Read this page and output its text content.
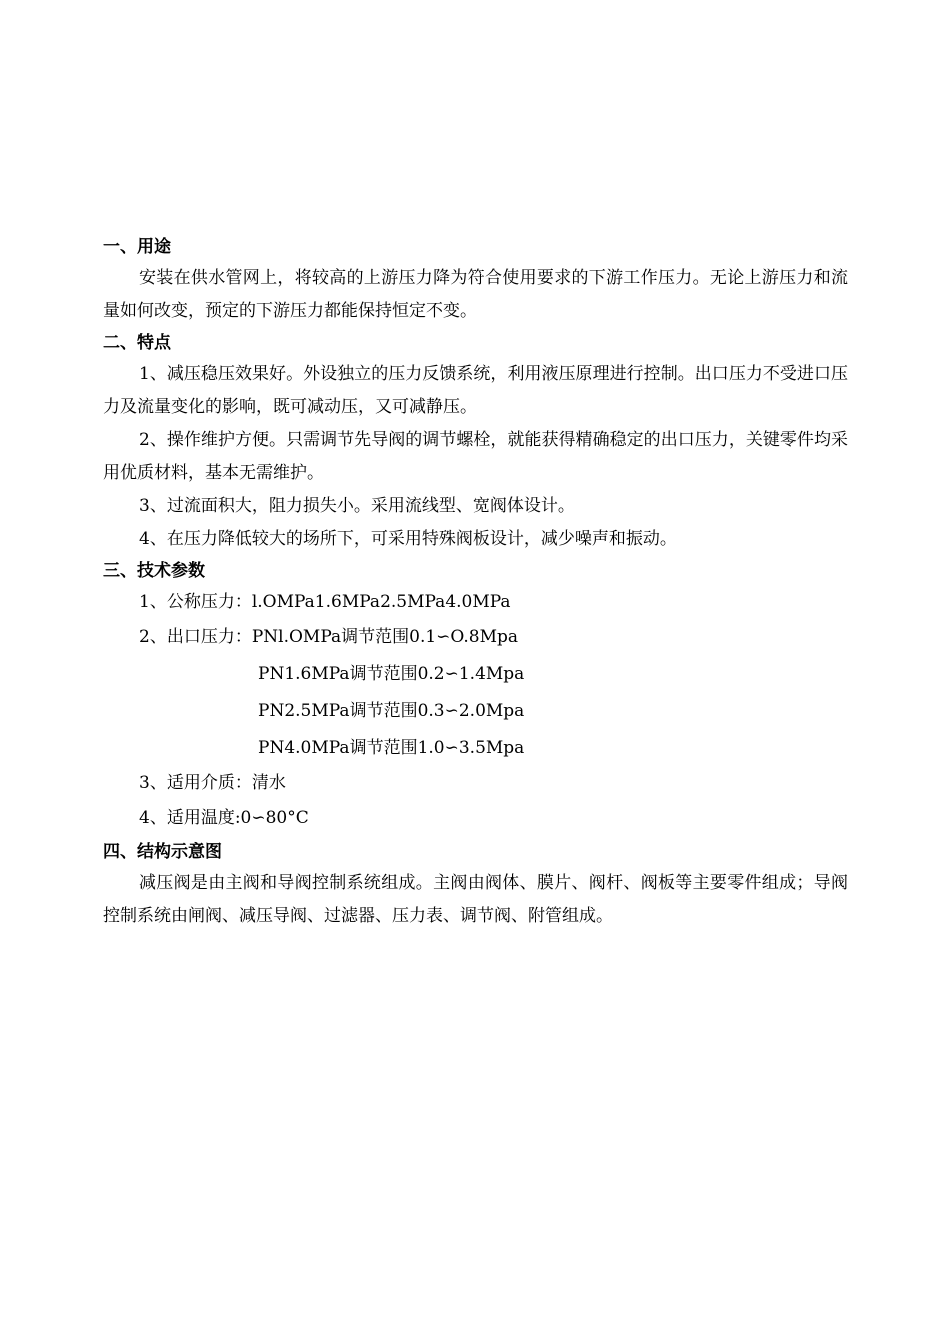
一、用途
安装在供水管网上，将较高的上游压力降为符合使用要求的下游工作压力。无论上游压力和流量如何改变，预定的下游压力都能保持恒定不变。
二、特点
1、减压稳压效果好。外设独立的压力反馈系统，利用液压原理进行控制。出口压力不受进口压力及流量变化的影响，既可减动压，又可减静压。
2、操作维护方便。只需调节先导阀的调节螺栓，就能获得精确稳定的出口压力，关键零件均采用优质材料，基本无需维护。
3、过流面积大，阻力损失小。采用流线型、宽阀体设计。
4、在压力降低较大的场所下，可采用特殊阀板设计，减少噪声和振动。
三、技术参数
1、公称压力：l.OMPa1.6MPa2.5MPa4.0MPa
2、出口压力：PNl.OMPa调节范围0.1∽O.8Mpa
PN1.6MPa调节范围0.2∽1.4Mpa
PN2.5MPa调节范围0.3∽2.0Mpa
PN4.0MPa调节范围1.0∽3.5Mpa
3、适用介质：清水
4、适用温度:0∽80°C
四、结构示意图
减压阀是由主阀和导阀控制系统组成。主阀由阀体、膜片、阀杆、阀板等主要零件组成；导阀控制系统由闸阀、减压导阀、过滤器、压力表、调节阀、附管组成。
